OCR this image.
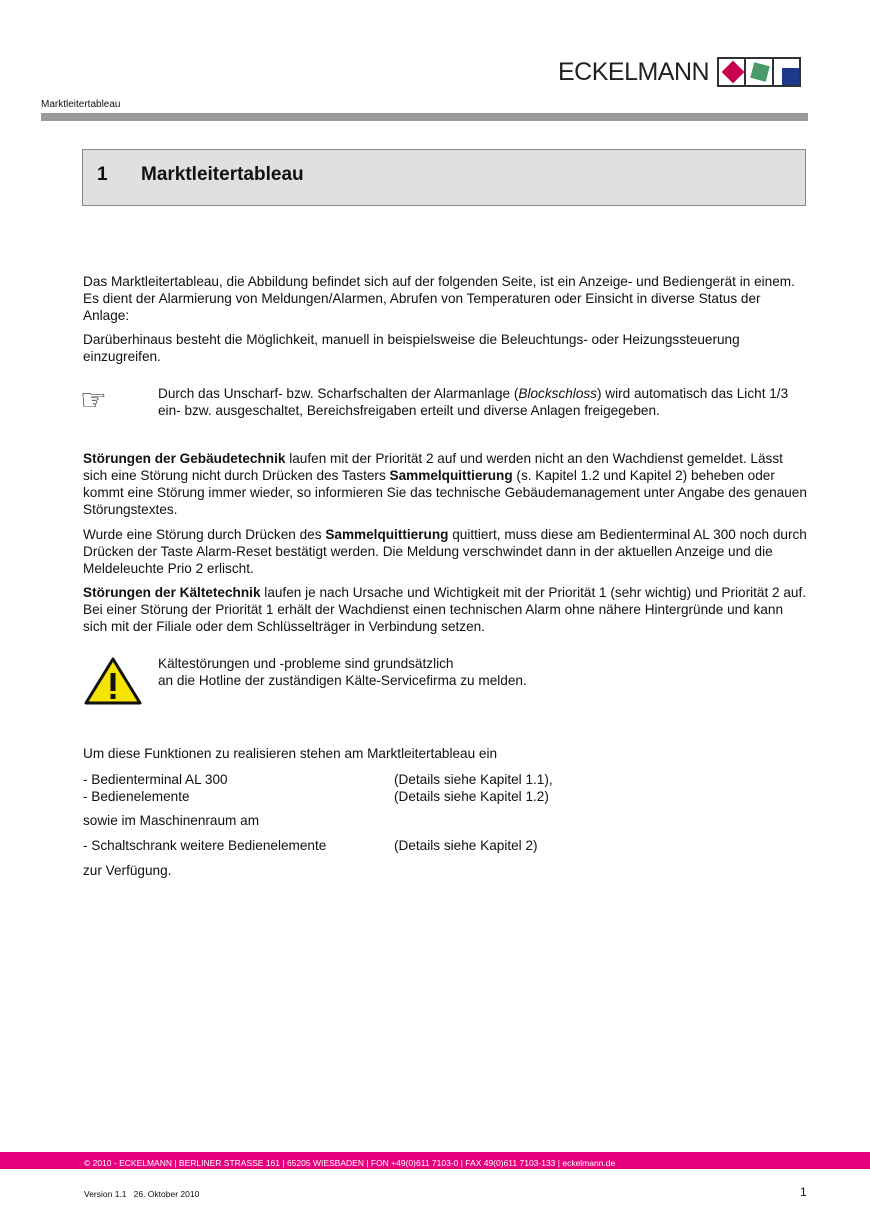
ECKELMANN
Marktleitertableau
1 Marktleitertableau
Das Marktleitertableau, die Abbildung befindet sich auf der folgenden Seite, ist ein Anzeige- und Bediengerät in einem. Es dient der Alarmierung von Meldungen/Alarmen, Abrufen von Temperaturen oder Einsicht in diverse Status der Anlage:
Darüberhinaus besteht die Möglichkeit, manuell in beispielsweise die Beleuchtungs- oder Heizungssteuerung einzugreifen.
☞	Durch das Unscharf- bzw. Scharfschalten der Alarmanlage (Blockschloss) wird automatisch das Licht 1/3 ein- bzw. ausgeschaltet, Bereichsfreigaben erteilt und diverse Anlagen freigegeben.
Störungen der Gebäudetechnik laufen mit der Priorität 2 auf und werden nicht an den Wachdienst gemeldet. Lässt sich eine Störung nicht durch Drücken des Tasters Sammelquittierung (s. Kapitel 1.2 und Kapitel 2) beheben oder kommt eine Störung immer wieder, so informieren Sie das technische Gebäudemanagement unter Angabe des genauen Störungstextes.
Wurde eine Störung durch Drücken des Sammelquittierung quittiert, muss diese am Bedienterminal AL 300 noch durch Drücken der Taste Alarm-Reset bestätigt werden. Die Meldung verschwindet dann in der aktuellen Anzeige und die Meldeleuchte Prio 2 erlischt.
Störungen der Kältetechnik laufen je nach Ursache und Wichtigkeit mit der Priorität 1 (sehr wichtig) und Priorität 2 auf. Bei einer Störung der Priorität 1 erhält der Wachdienst einen technischen Alarm ohne nähere Hintergründe und kann sich mit der Filiale oder dem Schlüsselträger in Verbindung setzen.
Kältestörungen und -probleme sind grundsätzlich
an die Hotline der zuständigen Kälte-Servicefirma zu melden.
Um diese Funktionen zu realisieren stehen am Marktleitertableau ein
- Bedienterminal AL 300	(Details siehe Kapitel 1.1),
- Bedienelemente	(Details siehe Kapitel 1.2)
sowie im Maschinenraum am
- Schaltschrank weitere Bedienelemente	(Details siehe Kapitel 2)
zur Verfügung.
© 2010 - ECKELMANN | BERLINER STRASSE 161 | 65205 WIESBADEN | FON +49(0)611 7103-0 | FAX 49(0)611 7103-133 | eckelmann.de
Version 1.1   26. Oktober 2010	1
